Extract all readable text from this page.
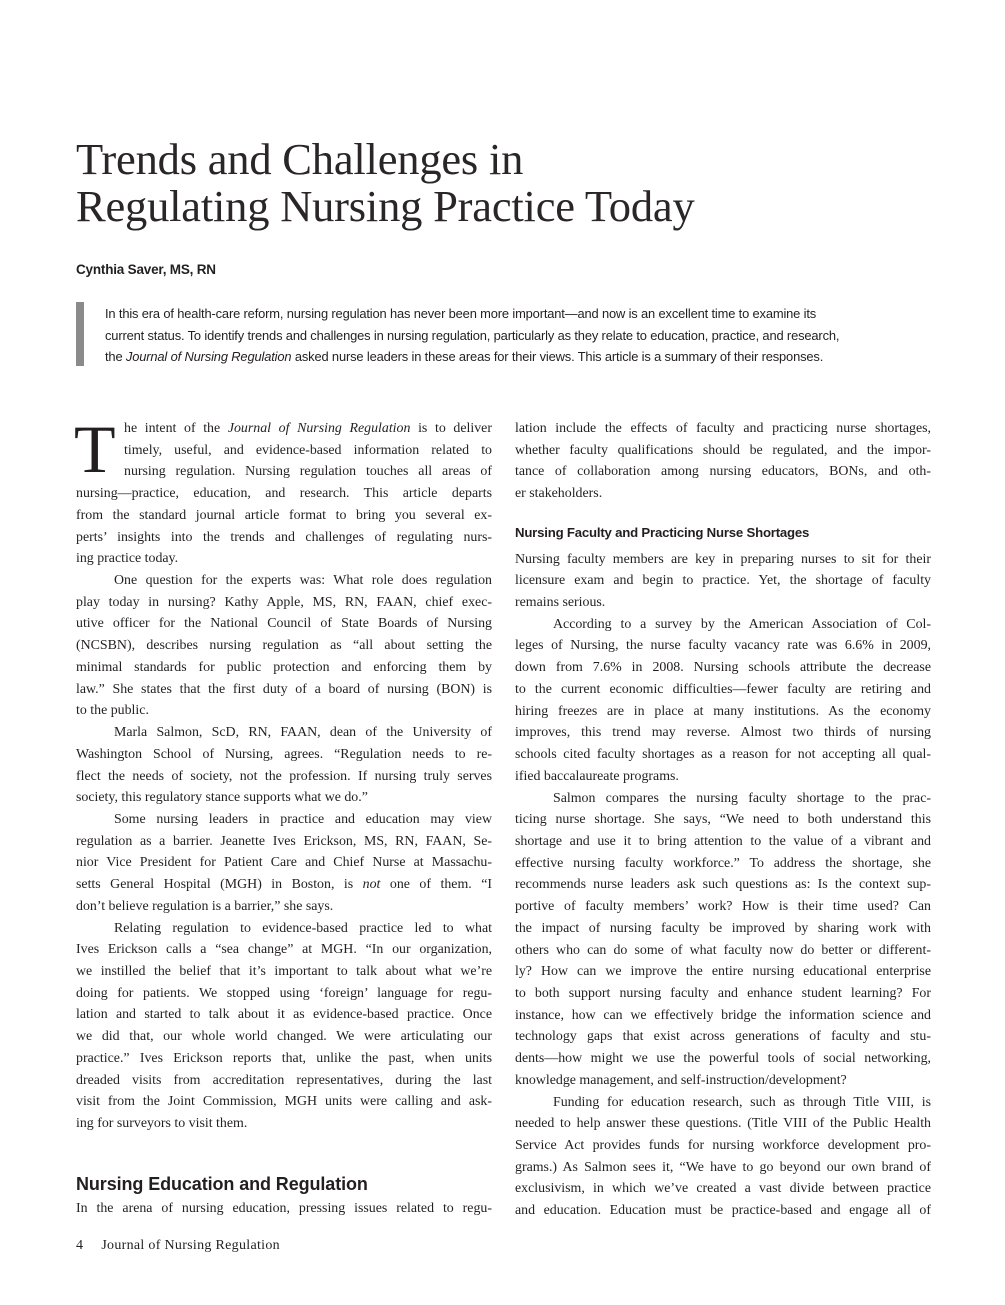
Trends and Challenges in
Regulating Nursing Practice Today
Cynthia Saver, MS, RN
In this era of health-care reform, nursing regulation has never been more important—and now is an excellent time to examine its
current status. To identify trends and challenges in nursing regulation, particularly as they relate to education, practice, and research,
the Journal of Nursing Regulation asked nurse leaders in these areas for their views. This article is a summary of their responses.
T he intent of the Journal of Nursing Regulation is to deliver
timely, useful, and evidence-based information related to
nursing regulation. Nursing regulation touches all areas of
nursing—practice, education, and research. This article departs
from the standard journal article format to bring you several ex-
perts’ insights into the trends and challenges of regulating nurs-
ing practice today.
One question for the experts was: What role does regulation
play today in nursing? Kathy Apple, MS, RN, FAAN, chief exec-
utive officer for the National Council of State Boards of Nursing
(NCSBN), describes nursing regulation as “all about setting the
minimal standards for public protection and enforcing them by
law.” She states that the first duty of a board of nursing (BON) is
to the public.
Marla Salmon, ScD, RN, FAAN, dean of the University of
Washington School of Nursing, agrees. “Regulation needs to re-
flect the needs of society, not the profession. If nursing truly serves
society, this regulatory stance supports what we do.”
Some nursing leaders in practice and education may view
regulation as a barrier. Jeanette Ives Erickson, MS, RN, FAAN, Se-
nior Vice President for Patient Care and Chief Nurse at Massachu-
setts General Hospital (MGH) in Boston, is not one of them. “I
don’t believe regulation is a barrier,” she says.
Relating regulation to evidence-based practice led to what
Ives Erickson calls a “sea change” at MGH. “In our organization,
we instilled the belief that it’s important to talk about what we’re
doing for patients. We stopped using ‘foreign’ language for regu-
lation and started to talk about it as evidence-based practice. Once
we did that, our whole world changed. We were articulating our
practice.” Ives Erickson reports that, unlike the past, when units
dreaded visits from accreditation representatives, during the last
visit from the Joint Commission, MGH units were calling and ask-
ing for surveyors to visit them.
Nursing Education and Regulation
In the arena of nursing education, pressing issues related to regu-
lation include the effects of faculty and practicing nurse shortages,
whether faculty qualifications should be regulated, and the impor-
tance of collaboration among nursing educators, BONs, and oth-
er stakeholders.
Nursing Faculty and Practicing Nurse Shortages
Nursing faculty members are key in preparing nurses to sit for their
licensure exam and begin to practice. Yet, the shortage of faculty
remains serious.
According to a survey by the American Association of Col-
leges of Nursing, the nurse faculty vacancy rate was 6.6% in 2009,
down from 7.6% in 2008. Nursing schools attribute the decrease
to the current economic difficulties—fewer faculty are retiring and
hiring freezes are in place at many institutions. As the economy
improves, this trend may reverse. Almost two thirds of nursing
schools cited faculty shortages as a reason for not accepting all qual-
ified baccalaureate programs.
Salmon compares the nursing faculty shortage to the prac-
ticing nurse shortage. She says, “We need to both understand this
shortage and use it to bring attention to the value of a vibrant and
effective nursing faculty workforce.” To address the shortage, she
recommends nurse leaders ask such questions as: Is the context sup-
portive of faculty members’ work? How is their time used? Can
the impact of nursing faculty be improved by sharing work with
others who can do some of what faculty now do better or different-
ly? How can we improve the entire nursing educational enterprise
to both support nursing faculty and enhance student learning? For
instance, how can we effectively bridge the information science and
technology gaps that exist across generations of faculty and stu-
dents—how might we use the powerful tools of social networking,
knowledge management, and self-instruction/development?
Funding for education research, such as through Title VIII, is
needed to help answer these questions. (Title VIII of the Public Health
Service Act provides funds for nursing workforce development pro-
grams.) As Salmon sees it, “We have to go beyond our own brand of
exclusivism, in which we’ve created a vast divide between practice
and education. Education must be practice-based and engage all of
4 Journal of Nursing Regulation
